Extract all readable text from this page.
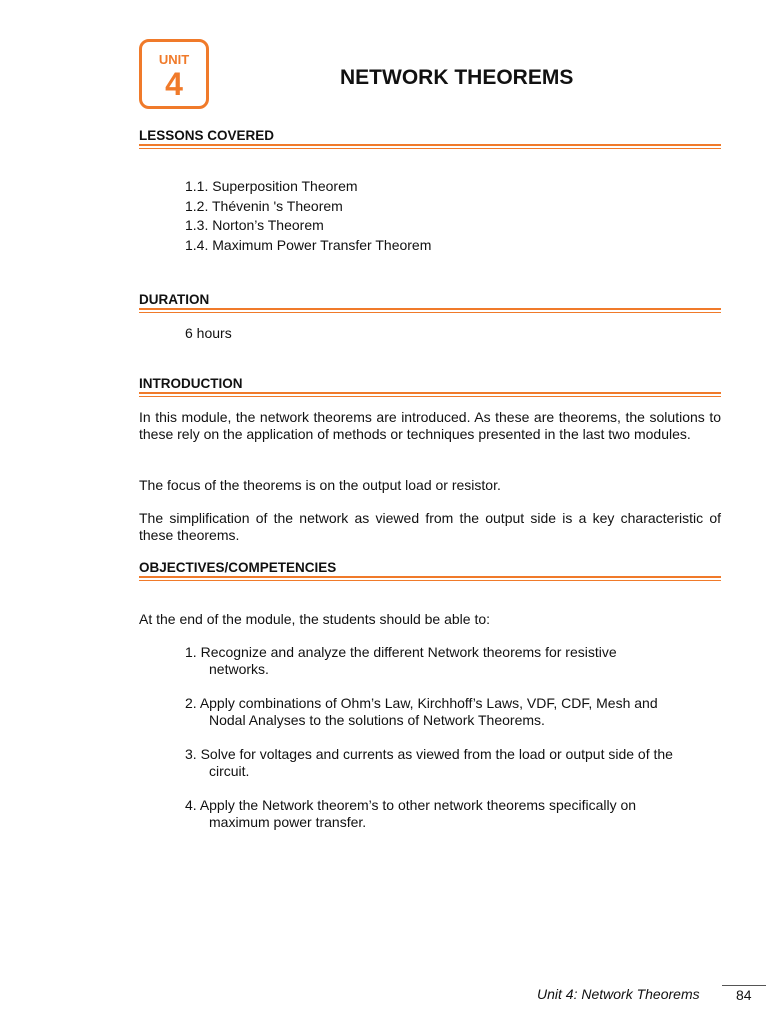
UNIT
4	NETWORK THEOREMS
LESSONS COVERED
1.1. Superposition Theorem
1.2. Thévenin 's Theorem
1.3. Norton’s Theorem
1.4. Maximum Power Transfer Theorem
DURATION
6 hours
INTRODUCTION
In this module, the network theorems are introduced. As these are theorems, the solutions to these rely on the application of methods or techniques presented in the last two modules.
The focus of the theorems is on the output load or resistor.
The simplification of the network as viewed from the output side is a key characteristic of these theorems.
OBJECTIVES/COMPETENCIES
At the end of the module, the students should be able to:
1. Recognize and analyze the different Network theorems for resistive
networks.
2. Apply combinations of Ohm’s Law, Kirchhoff’s Laws, VDF, CDF, Mesh and
Nodal Analyses to the solutions of Network Theorems.
3. Solve for voltages and currents as viewed from the load or output side of the
circuit.
4. Apply the Network theorem’s to other network theorems specifically on
maximum power transfer.
Unit 4: Network Theorems	84
